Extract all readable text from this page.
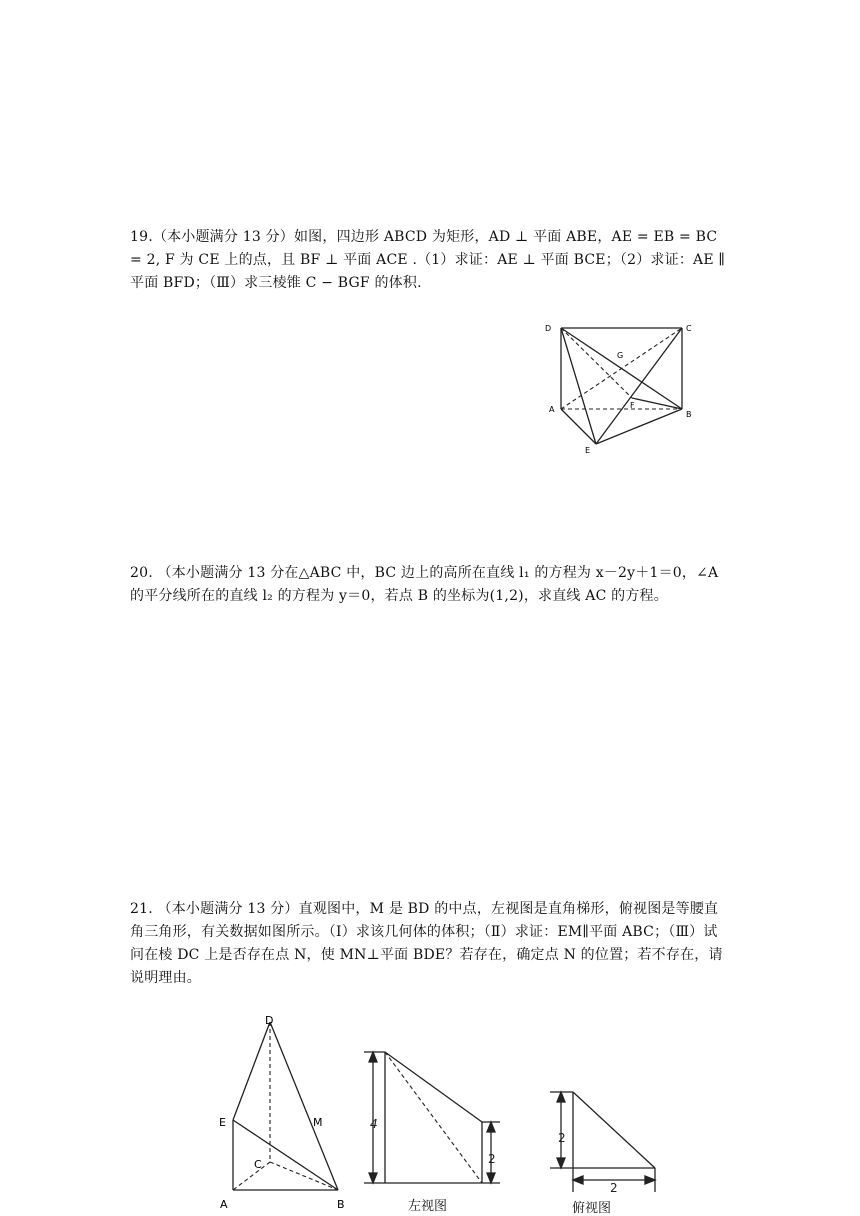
19.（本小题满分 13 分）如图，四边形 ABCD 为矩形，AD ⊥ 平面 ABE，AE = EB = BC = 2, F 为 CE 上的点，且 BF ⊥ 平面 ACE .（1）求证：AE ⊥ 平面 BCE；（2）求证：AE ∥ 平面 BFD；（Ⅲ）求三棱锥 C − BGF 的体积.

D	C
G
A	F
B
E

20. （本小题满分 13 分在△ABC 中，BC 边上的高所在直线 l₁ 的方程为 x－2y＋1＝0，∠A 的平分线所在的直线 l₂ 的方程为 y＝0，若点 B 的坐标为(1,2)，求直线 AC 的方程。

21. （本小题满分 13 分）直观图中，M 是 BD 的中点，左视图是直角梯形，俯视图是等腰直角三角形，有关数据如图所示。（Ⅰ）求该几何体的体积；（Ⅱ）求证：EM∥平面 ABC；（Ⅲ）试问在棱 DC 上是否存在点 N，使 MN⊥平面 BDE？若存在，确定点 N 的位置；若不存在，请说明理由。

D
E	M
C
A	B
4
2
左视图
2
2
俯视图
